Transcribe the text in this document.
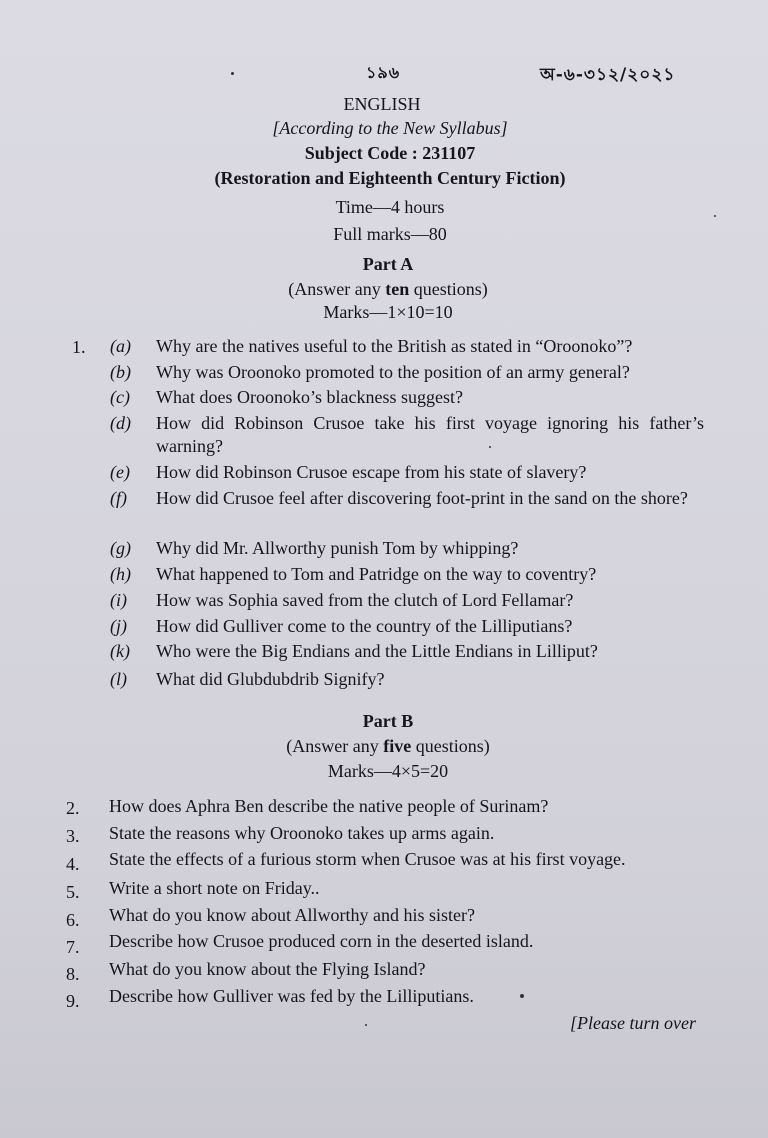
১৯৬	অ-৬-৩১২/২০২১
ENGLISH
[According to the New Syllabus]
Subject Code : 231107
(Restoration and Eighteenth Century Fiction)
Time—4 hours
Full marks—80
Part A
(Answer any ten questions)
Marks—1×10=10
1. (a)	Why are the natives useful to the British as stated in “Oroonoko”?
(b)	Why was Oroonoko promoted to the position of an army general?
(c)	What does Oroonoko’s blackness suggest?
(d)	How did Robinson Crusoe take his first voyage ignoring his father’s warning?
(e)	How did Robinson Crusoe escape from his state of slavery?
(f)	How did Crusoe feel after discovering foot-print in the sand on the shore?
(g)	Why did Mr. Allworthy punish Tom by whipping?
(h)	What happened to Tom and Patridge on the way to coventry?
(i)	How was Sophia saved from the clutch of Lord Fellamar?
(j)	How did Gulliver come to the country of the Lilliputians?
(k)	Who were the Big Endians and the Little Endians in Lilliput?
(l)	What did Glubdubdrib Signify?
Part B
(Answer any five questions)
Marks—4×5=20
2.	How does Aphra Ben describe the native people of Surinam?
3.	State the reasons why Oroonoko takes up arms again.
4.	State the effects of a furious storm when Crusoe was at his first voyage.
5.	Write a short note on Friday..
6.	What do you know about Allworthy and his sister?
7.	Describe how Crusoe produced corn in the deserted island.
8.	What do you know about the Flying Island?
9.	Describe how Gulliver was fed by the Lilliputians.
[Please turn over
